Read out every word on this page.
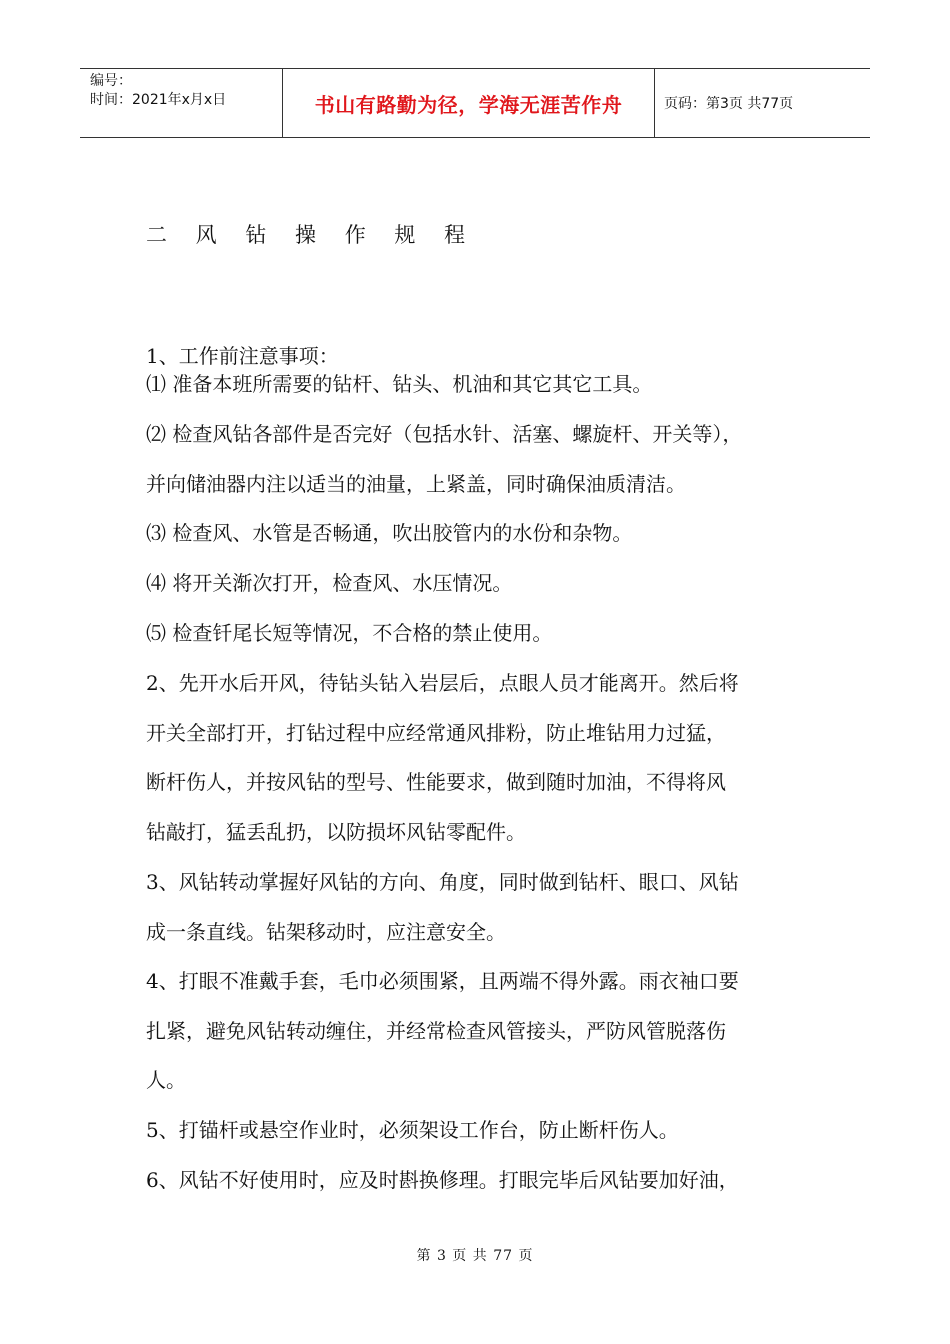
编号：
时间：2021年x月x日	书山有路勤为径，学海无涯苦作舟	页码：第3页 共77页
二 风 钻 操 作 规 程
1、工作前注意事项：
⑴ 准备本班所需要的钻杆、钻头、机油和其它其它工具。
⑵ 检查风钻各部件是否完好（包括水针、活塞、螺旋杆、开关等），
并向储油器内注以适当的油量，上紧盖，同时确保油质清洁。
⑶ 检查风、水管是否畅通，吹出胶管内的水份和杂物。
⑷ 将开关渐次打开，检查风、水压情况。
⑸ 检查钎尾长短等情况，不合格的禁止使用。
2、先开水后开风，待钻头钻入岩层后，点眼人员才能离开。然后将
开关全部打开，打钻过程中应经常通风排粉，防止堆钻用力过猛，
断杆伤人，并按风钻的型号、性能要求，做到随时加油，不得将风
钻敲打，猛丢乱扔，以防损坏风钻零配件。
3、风钻转动掌握好风钻的方向、角度，同时做到钻杆、眼口、风钻
成一条直线。钻架移动时，应注意安全。
4、打眼不准戴手套，毛巾必须围紧，且两端不得外露。雨衣袖口要
扎紧，避免风钻转动缠住，并经常检查风管接头，严防风管脱落伤
人。
5、打锚杆或悬空作业时，必须架设工作台，防止断杆伤人。
6、风钻不好使用时，应及时斟换修理。打眼完毕后风钻要加好油，
第 3 页 共 77 页
